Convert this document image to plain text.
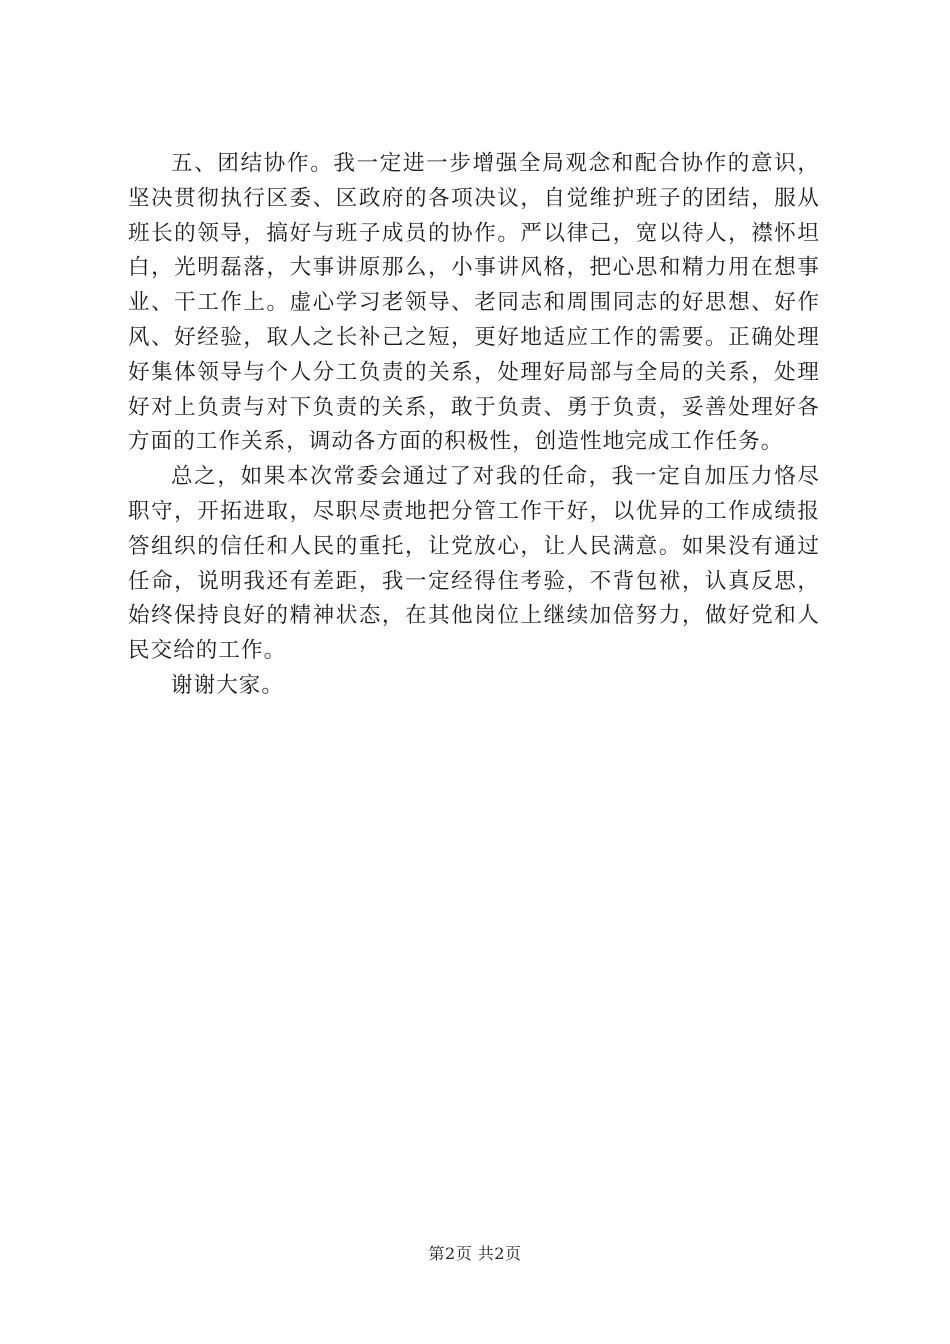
五、团结协作。我一定进一步增强全局观念和配合协作的意识，坚决贯彻执行区委、区政府的各项决议，自觉维护班子的团结，服从班长的领导，搞好与班子成员的协作。严以律己，宽以待人，襟怀坦白，光明磊落，大事讲原那么，小事讲风格，把心思和精力用在想事业、干工作上。虚心学习老领导、老同志和周围同志的好思想、好作风、好经验，取人之长补己之短，更好地适应工作的需要。正确处理好集体领导与个人分工负责的关系，处理好局部与全局的关系，处理好对上负责与对下负责的关系，敢于负责、勇于负责，妥善处理好各方面的工作关系，调动各方面的积极性，创造性地完成工作任务。

总之，如果本次常委会通过了对我的任命，我一定自加压力恪尽职守，开拓进取，尽职尽责地把分管工作干好，以优异的工作成绩报答组织的信任和人民的重托，让党放心，让人民满意。如果没有通过任命，说明我还有差距，我一定经得住考验，不背包袱，认真反思，始终保持良好的精神状态，在其他岗位上继续加倍努力，做好党和人民交给的工作。

谢谢大家。

第2页 共2页
